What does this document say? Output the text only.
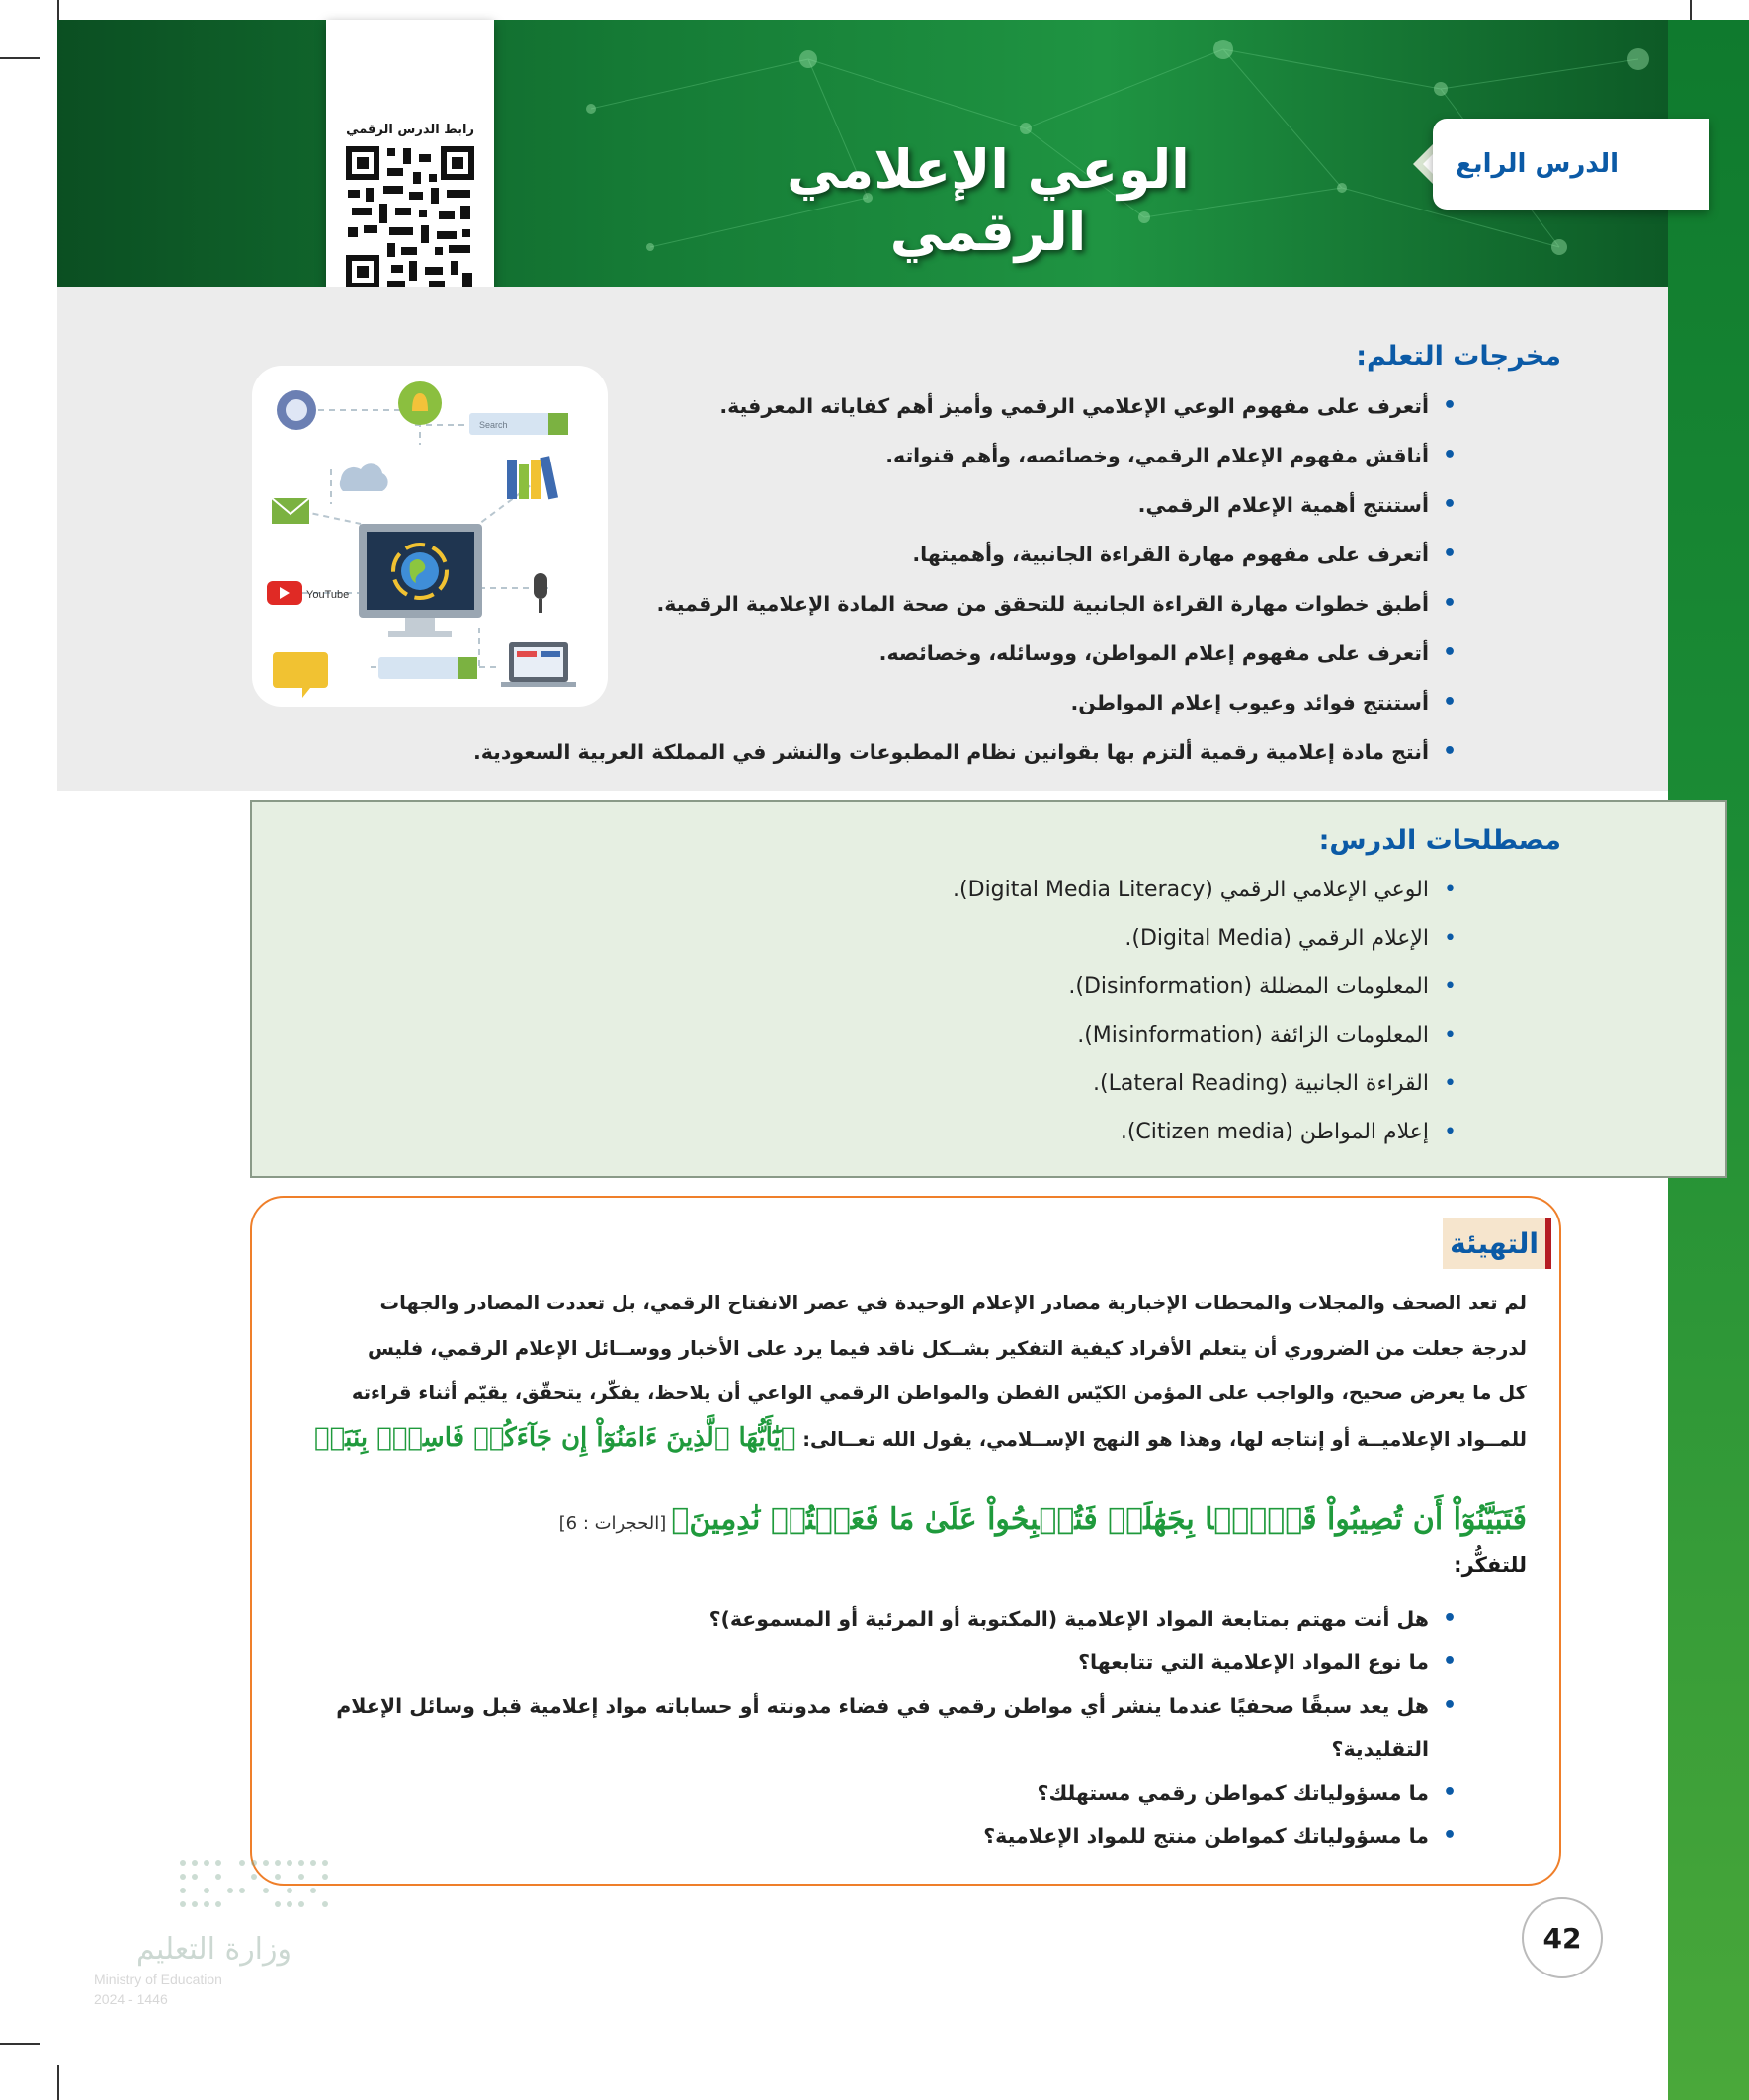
الوعي الإعلامي الرقمي
الدرس الرابع
رابط الدرس الرقمي
مخرجات التعلم:
• أتعرف على مفهوم الوعي الإعلامي الرقمي وأميز أهم كفاياته المعرفية.
• أناقش مفهوم الإعلام الرقمي، وخصائصه، وأهم قنواته.
• أستنتج أهمية الإعلام الرقمي.
• أتعرف على مفهوم مهارة القراءة الجانبية، وأهميتها.
• أطبق خطوات مهارة القراءة الجانبية للتحقق من صحة المادة الإعلامية الرقمية.
• أتعرف على مفهوم إعلام المواطن، ووسائله، وخصائصه.
• أستنتج فوائد وعيوب إعلام المواطن.
• أنتج مادة إعلامية رقمية ألتزم بها بقوانين نظام المطبوعات والنشر في المملكة العربية السعودية.
Search
YouTube
مصطلحات الدرس:
• الوعي الإعلامي الرقمي (Digital Media Literacy).
• الإعلام الرقمي (Digital Media).
• المعلومات المضللة (Disinformation).
• المعلومات الزائفة (Misinformation).
• القراءة الجانبية (Lateral Reading).
• إعلام المواطن (Citizen media).
التهيئة
لم تعد الصحف والمجلات والمحطات الإخبارية مصادر الإعلام الوحيدة في عصر الانفتاح الرقمي، بل تعددت المصادر والجهات
لدرجة جعلت من الضروري أن يتعلم الأفراد كيفية التفكير بشــكل ناقد فيما يرد على الأخبار ووســائل الإعلام الرقمي، فليس
كل ما يعرض صحيح، والواجب على المؤمن الكيّس الفطن والمواطن الرقمي الواعي أن يلاحظ، يفكّر، يتحقّق، يقيّم أثناء قراءته
للمــواد الإعلاميــة أو إنتاجه لها، وهذا هو النهج الإســلامي، يقول الله تعــالى: ﴿يَٰٓأَيُّهَا ٱلَّذِينَ ءَامَنُوٓاْ إِن جَآءَكُمۡ فَاسِقُۢ بِنَبَإٖ
فَتَبَيَّنُوٓاْ أَن تُصِيبُواْ قَوۡمَۢا بِجَهَٰلَةٖ فَتُصۡبِحُواْ عَلَىٰ مَا فَعَلۡتُمۡ نَٰدِمِينَ﴾ [الحجرات : 6]
للتفكُّر:
• هل أنت مهتم بمتابعة المواد الإعلامية (المكتوبة أو المرئية أو المسموعة)؟
• ما نوع المواد الإعلامية التي تتابعها؟
• هل يعد سبقًا صحفيًا عندما ينشر أي مواطن رقمي في فضاء مدونته أو حساباته مواد إعلامية قبل وسائل الإعلام التقليدية؟
• ما مسؤولياتك كمواطن رقمي مستهلك؟
• ما مسؤولياتك كمواطن منتج للمواد الإعلامية؟
42
وزارة التعليم
Ministry of Education
2024 - 1446
